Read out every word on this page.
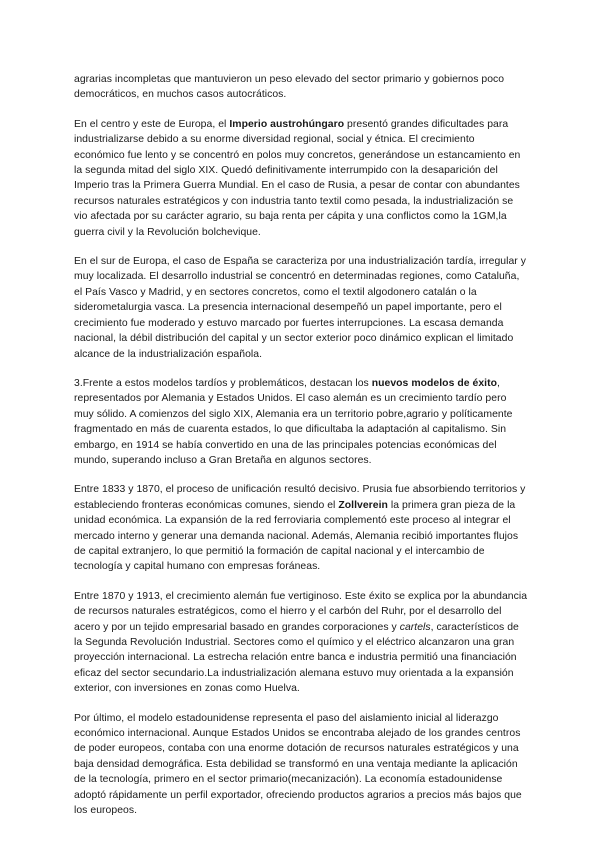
agrarias incompletas que mantuvieron un peso elevado del sector primario y gobiernos poco democráticos, en muchos casos autocráticos.

En el centro y este de Europa, el Imperio austrohúngaro presentó grandes dificultades para industrializarse debido a su enorme diversidad regional, social y étnica. El crecimiento económico fue lento y se concentró en polos muy concretos, generándose un estancamiento en la segunda mitad del siglo XIX. Quedó definitivamente interrumpido con la desaparición del Imperio tras la Primera Guerra Mundial. En el caso de Rusia, a pesar de contar con abundantes recursos naturales estratégicos y con industria tanto textil como pesada, la industrialización se vio afectada por su carácter agrario, su baja renta per cápita y una conflictos como la 1GM,la guerra civil y la Revolución bolchevique.

En el sur de Europa, el caso de España se caracteriza por una industrialización tardía, irregular y muy localizada. El desarrollo industrial se concentró en determinadas regiones, como Cataluña, el País Vasco y Madrid, y en sectores concretos, como el textil algodonero catalán o la siderometalurgia vasca. La presencia internacional desempeñó un papel importante, pero el crecimiento fue moderado y estuvo marcado por fuertes interrupciones. La escasa demanda nacional, la débil distribución del capital y un sector exterior poco dinámico explican el limitado alcance de la industrialización española.

3.Frente a estos modelos tardíos y problemáticos, destacan los nuevos modelos de éxito, representados por Alemania y Estados Unidos. El caso alemán es un crecimiento tardío pero muy sólido. A comienzos del siglo XIX, Alemania era un territorio pobre,agrario y políticamente fragmentado en más de cuarenta estados, lo que dificultaba la adaptación al capitalismo. Sin embargo, en 1914 se había convertido en una de las principales potencias económicas del mundo, superando incluso a Gran Bretaña en algunos sectores.

Entre 1833 y 1870, el proceso de unificación resultó decisivo. Prusia fue absorbiendo territorios y estableciendo fronteras económicas comunes, siendo el Zollverein la primera gran pieza de la unidad económica. La expansión de la red ferroviaria complementó este proceso al integrar el mercado interno y generar una demanda nacional. Además, Alemania recibió importantes flujos de capital extranjero, lo que permitió la formación de capital nacional y el intercambio de tecnología y capital humano con empresas foráneas.

Entre 1870 y 1913, el crecimiento alemán fue vertiginoso. Este éxito se explica por la abundancia de recursos naturales estratégicos, como el hierro y el carbón del Ruhr, por el desarrollo del acero y por un tejido empresarial basado en grandes corporaciones y cartels, característicos de la Segunda Revolución Industrial. Sectores como el químico y el eléctrico alcanzaron una gran proyección internacional. La estrecha relación entre banca e industria permitió una financiación eficaz del sector secundario.La industrialización alemana estuvo muy orientada a la expansión exterior, con inversiones en zonas como Huelva.

Por último, el modelo estadounidense representa el paso del aislamiento inicial al liderazgo económico internacional. Aunque Estados Unidos se encontraba alejado de los grandes centros de poder europeos, contaba con una enorme dotación de recursos naturales estratégicos y una baja densidad demográfica. Esta debilidad se transformó en una ventaja mediante la aplicación de la tecnología, primero en el sector primario(mecanización). La economía estadounidense adoptó rápidamente un perfil exportador, ofreciendo productos agrarios a precios más bajos que los europeos.
